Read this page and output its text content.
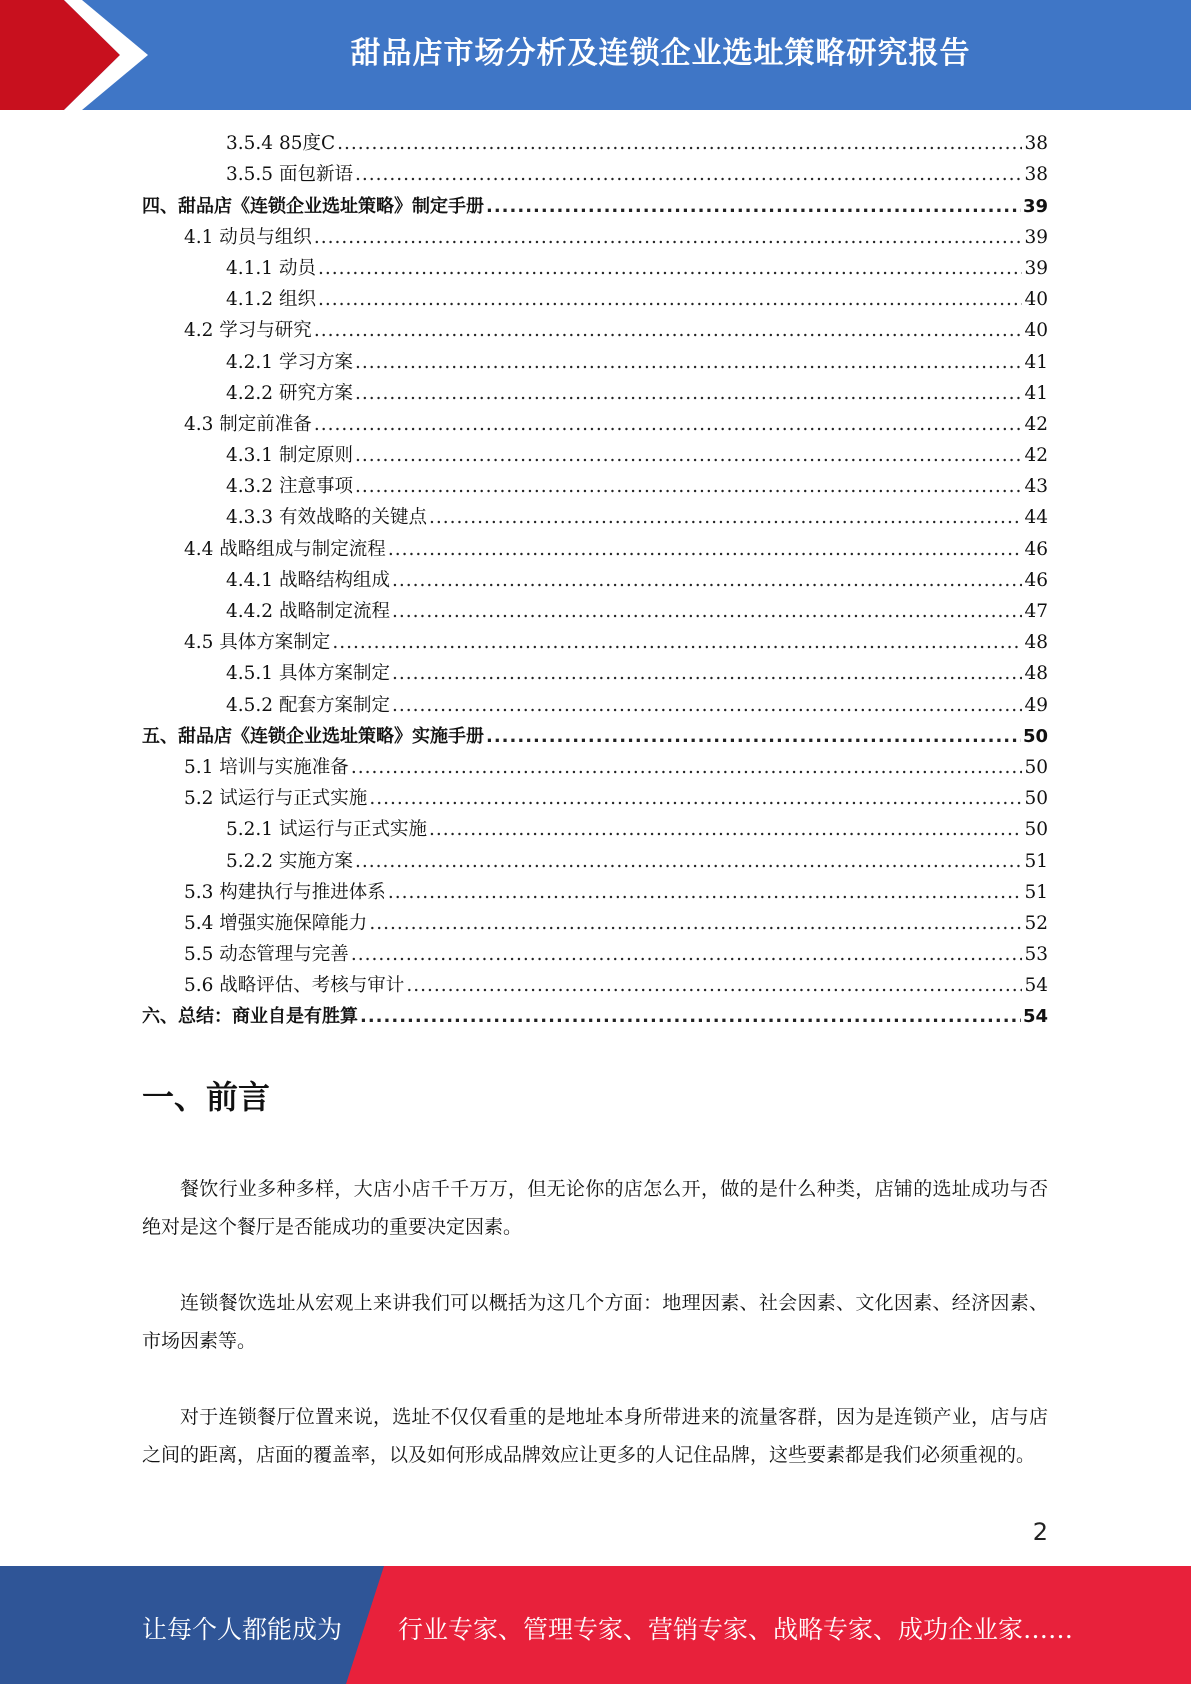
甜品店市场分析及连锁企业选址策略研究报告
3.5.4 85度C .....	38
3.5.5 面包新语 .....	38
四、甜品店《连锁企业选址策略》制定手册 .....	39
4.1 动员与组织 .....	39
4.1.1 动员 .....	39
4.1.2 组织 .....	40
4.2 学习与研究 .....	40
4.2.1 学习方案 .....	41
4.2.2 研究方案 .....	41
4.3 制定前准备 .....	42
4.3.1 制定原则 .....	42
4.3.2 注意事项 .....	43
4.3.3 有效战略的关键点 .....	44
4.4 战略组成与制定流程 .....	46
4.4.1 战略结构组成 .....	46
4.4.2 战略制定流程 .....	47
4.5 具体方案制定 .....	48
4.5.1 具体方案制定 .....	48
4.5.2 配套方案制定 .....	49
五、甜品店《连锁企业选址策略》实施手册 .....	50
5.1 培训与实施准备 .....	50
5.2 试运行与正式实施 .....	50
5.2.1 试运行与正式实施 .....	50
5.2.2 实施方案 .....	51
5.3 构建执行与推进体系 .....	51
5.4 增强实施保障能力 .....	52
5.5 动态管理与完善 .....	53
5.6 战略评估、考核与审计 .....	54
六、总结：商业自是有胜算 .....	54
一、前言

餐饮行业多种多样，大店小店千千万万，但无论你的店怎么开，做的是什么种类，店铺的选址成功与否绝对是这个餐厅是否能成功的重要决定因素。

连锁餐饮选址从宏观上来讲我们可以概括为这几个方面：地理因素、社会因素、文化因素、经济因素、市场因素等。

对于连锁餐厅位置来说，选址不仅仅看重的是地址本身所带进来的流量客群，因为是连锁产业，店与店之间的距离，店面的覆盖率，以及如何形成品牌效应让更多的人记住品牌，这些要素都是我们必须重视的。

2
让每个人都能成为 行业专家、管理专家、营销专家、战略专家、成功企业家……
